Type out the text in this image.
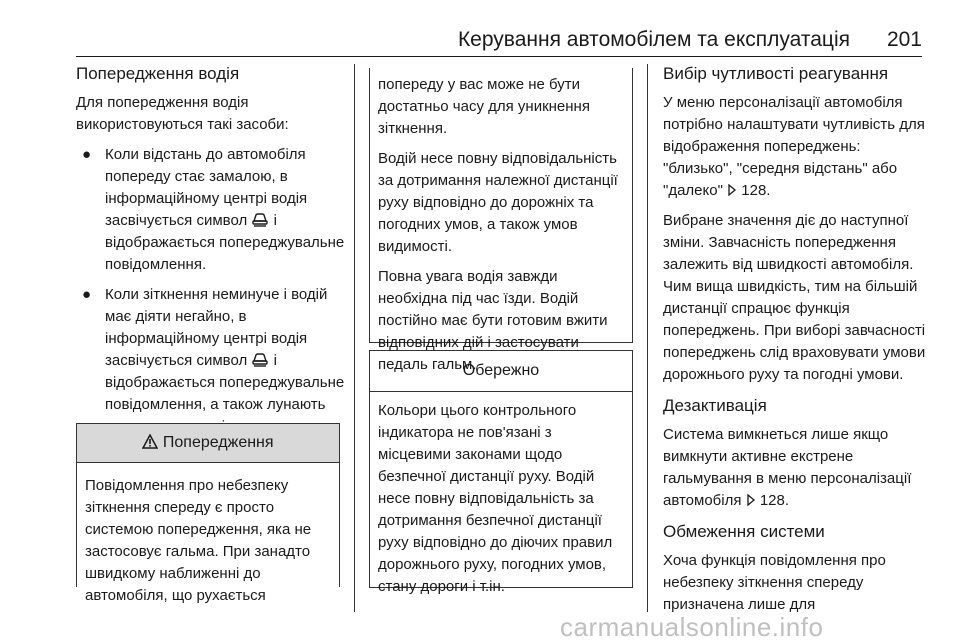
Керування автомобілем та експлуатація 201
Попередження водія

Для попередження водія використовуються такі засоби:

● Коли відстань до автомобіля попереду стає замалою, в інформаційному центрі водія засвічується символ і відображається попереджувальне повідомлення.
● Коли зіткнення неминуче і водій має діяти негайно, в інформаційному центрі водія засвічується символ і відображається попереджувальне повідомлення, а також лунають
Попередження
Повідомлення про небезпеку зіткнення спереду є просто системою попередження, яка не застосовує гальма. При занадто швидкому наближенні до автомобіля, що рухається

попереду у вас може не бути достатньо часу для уникнення зіткнення.

Водій несе повну відповідальність за дотримання належної дистанції руху відповідно до дорожніх та погодних умов, а також умов видимості.

Повна увага водія завжди необхідна під час їзди. Водій постійно має бути готовим вжити відповідних дій і застосувати педаль гальм.

Обережно
Кольори цього контрольного індикатора не пов'язані з місцевими законами щодо безпечної дистанції руху. Водій несе повну відповідальність за дотримання безпечної дистанції руху відповідно до діючих правил дорожнього руху, погодних умов, стану дороги і т.ін.
Вибір чутливості реагування

У меню персоналізації автомобіля потрібно налаштувати чутливість для відображення попереджень: "близько", "середня відстань" або "далеко" 128.

Вибране значення діє до наступної зміни. Завчасність попередження залежить від швидкості автомобіля. Чим вища швидкість, тим на більшій дистанції спрацює функція попереджень. При виборі завчасності попереджень слід враховувати умови дорожнього руху та погодні умови.

Дезактивація

Система вимкнеться лише якщо вимкнути активне екстрене гальмування в меню персоналізації автомобіля 128.

Обмеження системи

Хоча функція повідомлення про небезпеку зіткнення спереду призначена лише для

carmanualsonline.info
